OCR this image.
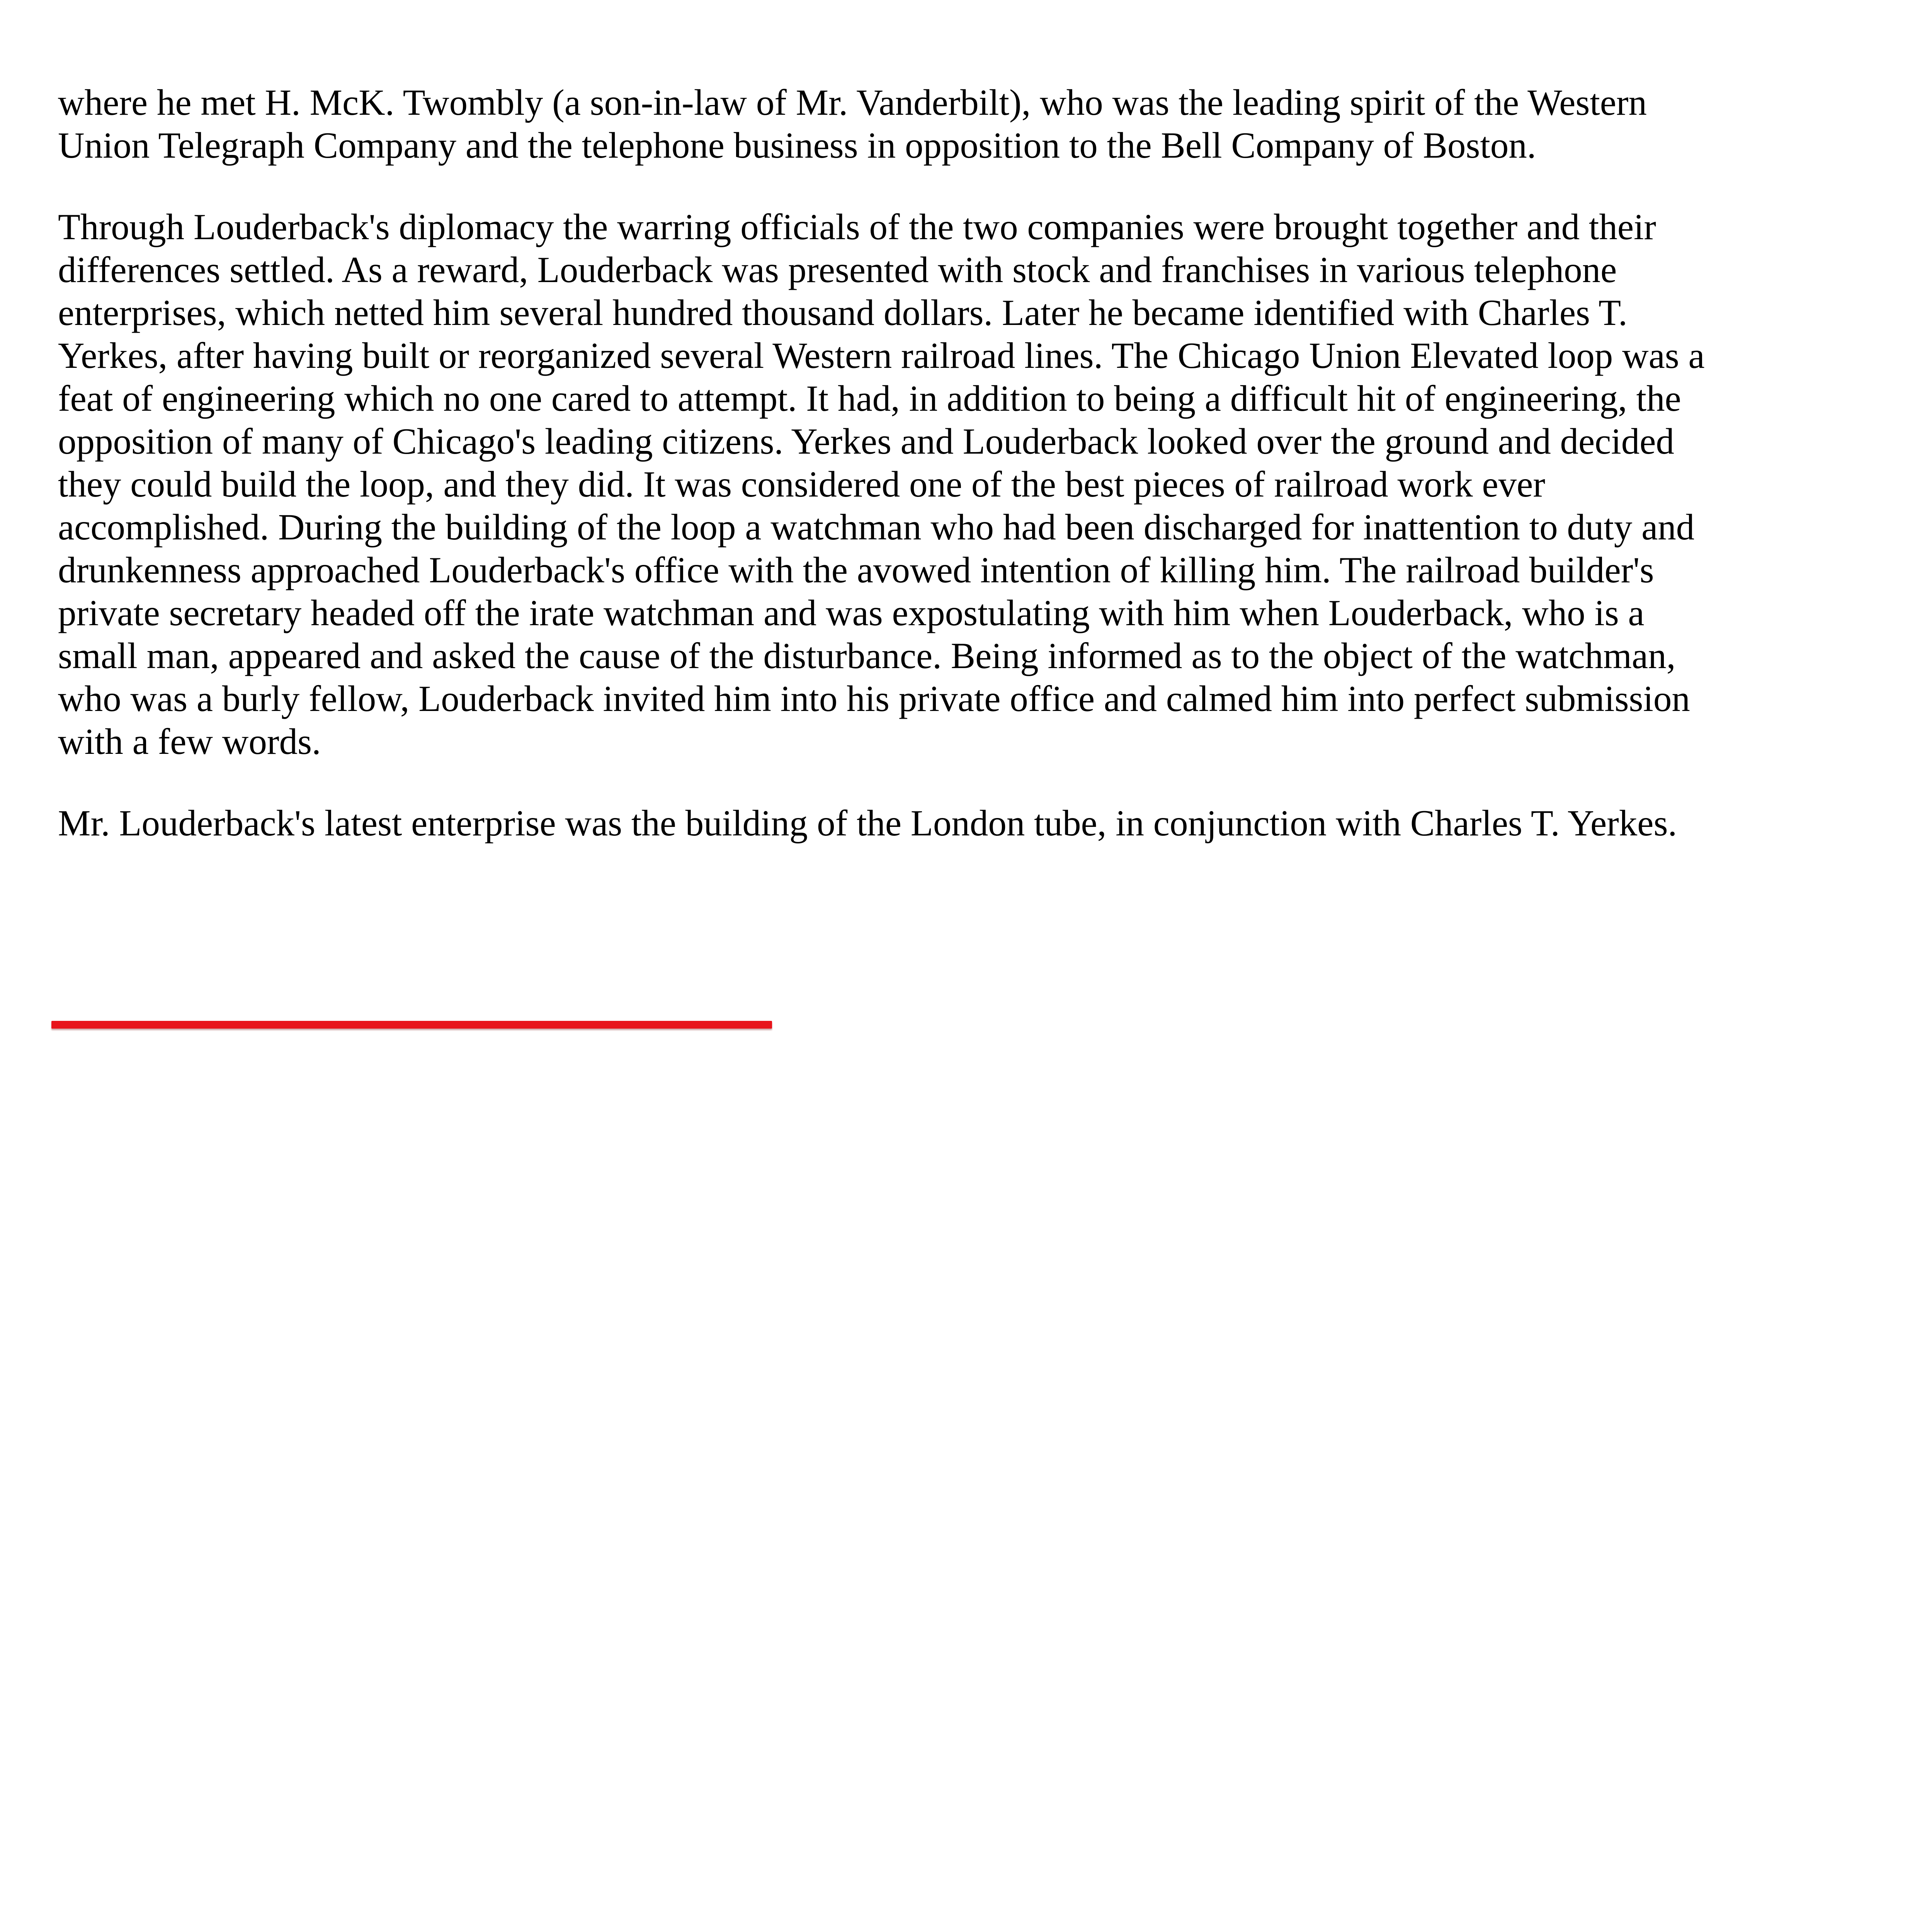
where he met H. McK. Twombly (a son-in-law of Mr. Vanderbilt), who was the leading spirit of the Western Union Telegraph Company and the telephone business in opposition to the Bell Company of Boston.

Through Louderback's diplomacy the warring officials of the two companies were brought together and their differences settled. As a reward, Louderback was presented with stock and franchises in various telephone enterprises, which netted him several hundred thousand dollars. Later he became identified with Charles T. Yerkes, after having built or reorganized several Western railroad lines. The Chicago Union Elevated loop was a feat of engineering which no one cared to attempt. It had, in addition to being a difficult hit of engineering, the opposition of many of Chicago's leading citizens. Yerkes and Louderback looked over the ground and decided they could build the loop, and they did. It was considered one of the best pieces of railroad work ever accomplished. During the building of the loop a watchman who had been discharged for inattention to duty and drunkenness approached Louderback's office with the avowed intention of killing him. The railroad builder's private secretary headed off the irate watchman and was expostulating with him when Louderback, who is a small man, appeared and asked the cause of the disturbance. Being informed as to the object of the watchman, who was a burly fellow, Louderback invited him into his private office and calmed him into perfect submission with a few words.

Mr. Louderback's latest enterprise was the building of the London tube, in conjunction with Charles T. Yerkes.
